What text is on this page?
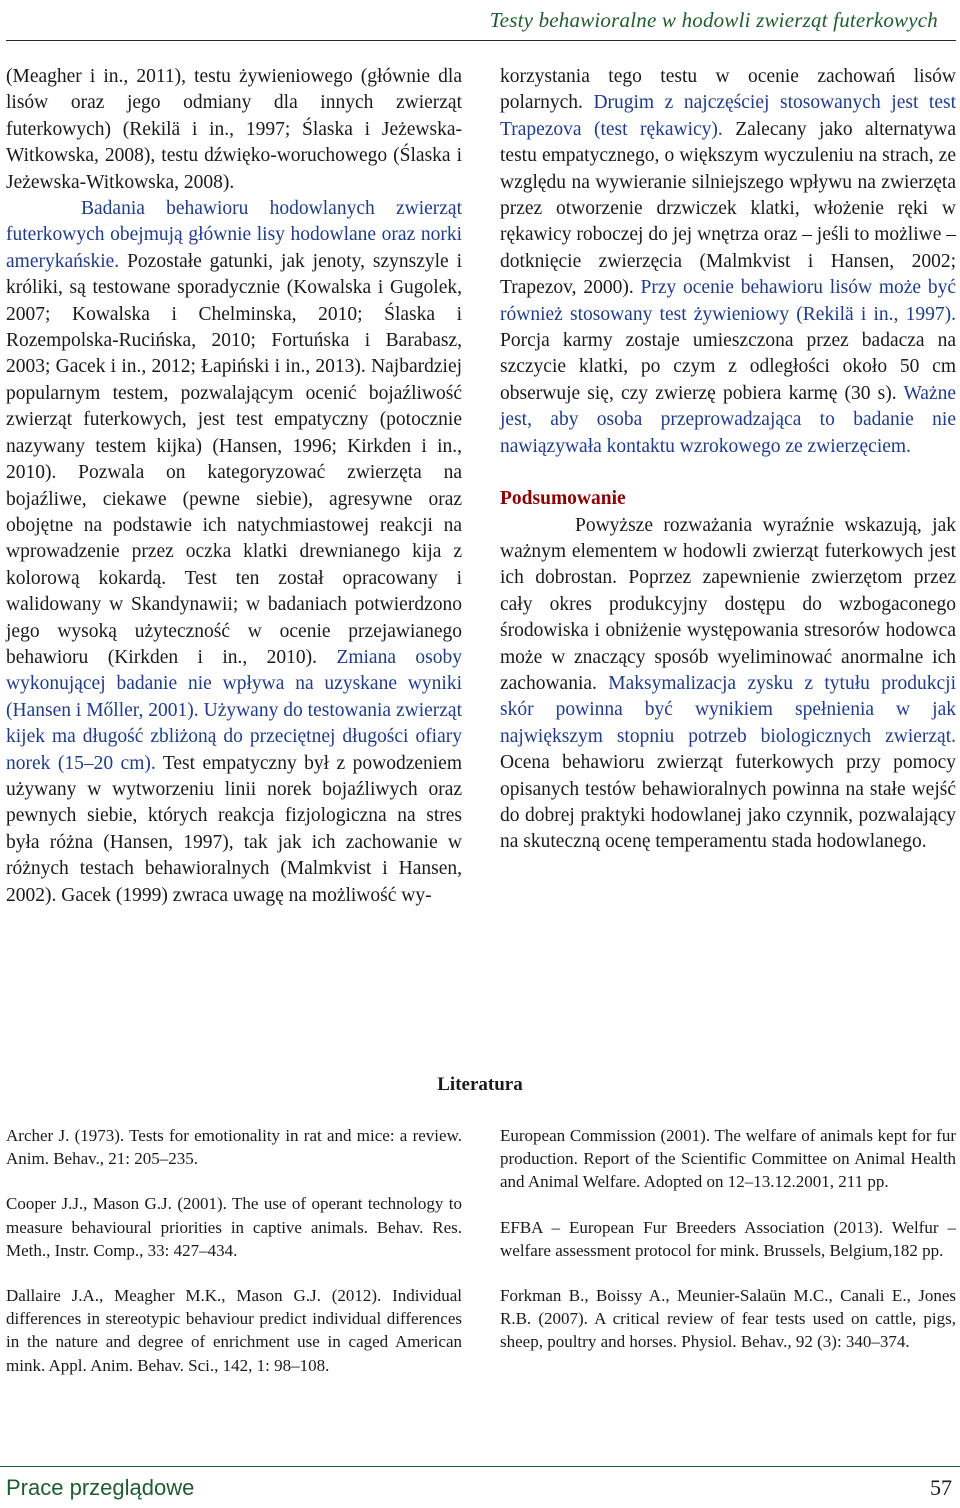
Testy behawioralne w hodowli zwierząt futerkowych

(Meagher i in., 2011), testu żywieniowego (głównie dla lisów oraz jego odmiany dla innych zwierząt futerkowych) (Rekilä i in., 1997; Ślaska i Jeżewska-Witkowska, 2008), testu dźwięko-woruchowego (Ślaska i Jeżewska-Witkowska, 2008).

Badania behawioru hodowlanych zwierząt futerkowych obejmują głównie lisy hodowlane oraz norki amerykańskie. Pozostałe gatunki, jak jenoty, szynszyle i króliki, są testowane sporadycznie (Kowalska i Gugolek, 2007; Kowalska i Chelminska, 2010; Ślaska i Rozempolska-Rucińska, 2010; Fortuńska i Barabasz, 2003; Gacek i in., 2012; Łapiński i in., 2013). Najbardziej popularnym testem, pozwalającym ocenić bojaźliwość zwierząt futerkowych, jest test empatyczny (potocznie nazywany testem kijka) (Hansen, 1996; Kirkden i in., 2010). Pozwala on kategoryzować zwierzęta na bojaźliwe, ciekawe (pewne siebie), agresywne oraz obojętne na podstawie ich natychmiastowej reakcji na wprowadzenie przez oczka klatki drewnianego kija z kolorową kokardą. Test ten został opracowany i walidowany w Skandynawii; w badaniach potwierdzono jego wysoką użyteczność w ocenie przejawianego behawioru (Kirkden i in., 2010). Zmiana osoby wykonującej badanie nie wpływa na uzyskane wyniki (Hansen i Mőller, 2001). Używany do testowania zwierząt kijek ma długość zbliżoną do przeciętnej długości ofiary norek (15–20 cm). Test empatyczny był z powodzeniem używany w wytworzeniu linii norek bojaźliwych oraz pewnych siebie, których reakcja fizjologiczna na stres była różna (Hansen, 1997), tak jak ich zachowanie w różnych testach behawioralnych (Malmkvist i Hansen, 2002). Gacek (1999) zwraca uwagę na możliwość wy-

korzystania tego testu w ocenie zachowań lisów polarnych. Drugim z najczęściej stosowanych jest test Trapezova (test rękawicy). Zalecany jako alternatywa testu empatycznego, o większym wyczuleniu na strach, ze względu na wywieranie silniejszego wpływu na zwierzęta przez otworzenie drzwiczek klatki, włożenie ręki w rękawicy roboczej do jej wnętrza oraz – jeśli to możliwe – dotknięcie zwierzęcia (Malmkvist i Hansen, 2002; Trapezov, 2000). Przy ocenie behawioru lisów może być również stosowany test żywieniowy (Rekilä i in., 1997). Porcja karmy zostaje umieszczona przez badacza na szczycie klatki, po czym z odległości około 50 cm obserwuje się, czy zwierzę pobiera karmę (30 s). Ważne jest, aby osoba przeprowadzająca to badanie nie nawiązywała kontaktu wzrokowego ze zwierzęciem.

Podsumowanie

Powyższe rozważania wyraźnie wskazują, jak ważnym elementem w hodowli zwierząt futerkowych jest ich dobrostan. Poprzez zapewnienie zwierzętom przez cały okres produkcyjny dostępu do wzbogaconego środowiska i obniżenie występowania stresorów hodowca może w znaczący sposób wyeliminować anormalne ich zachowania. Maksymalizacja zysku z tytułu produkcji skór powinna być wynikiem spełnienia w jak największym stopniu potrzeb biologicznych zwierząt. Ocena behawioru zwierząt futerkowych przy pomocy opisanych testów behawioralnych powinna na stałe wejść do dobrej praktyki hodowlanej jako czynnik, pozwalający na skuteczną ocenę temperamentu stada hodowlanego.

Literatura

Archer J. (1973). Tests for emotionality in rat and mice: a review. Anim. Behav., 21: 205–235.

Cooper J.J., Mason G.J. (2001). The use of operant technology to measure behavioural priorities in captive animals. Behav. Res. Meth., Instr. Comp., 33: 427–434.

Dallaire J.A., Meagher M.K., Mason G.J. (2012). Individual differences in stereotypic behaviour predict individual differences in the nature and degree of enrichment use in caged American mink. Appl. Anim. Behav. Sci., 142, 1: 98–108.

European Commission (2001). The welfare of animals kept for fur production. Report of the Scientific Committee on Animal Health and Animal Welfare. Adopted on 12–13.12.2001, 211 pp.

EFBA – European Fur Breeders Association (2013). Welfur – welfare assessment protocol for mink. Brussels, Belgium,182 pp.

Forkman B., Boissy A., Meunier-Salaün M.C., Canali E., Jones R.B. (2007). A critical review of fear tests used on cattle, pigs, sheep, poultry and horses. Physiol. Behav., 92 (3): 340–374.

Prace przeglądowe	57
